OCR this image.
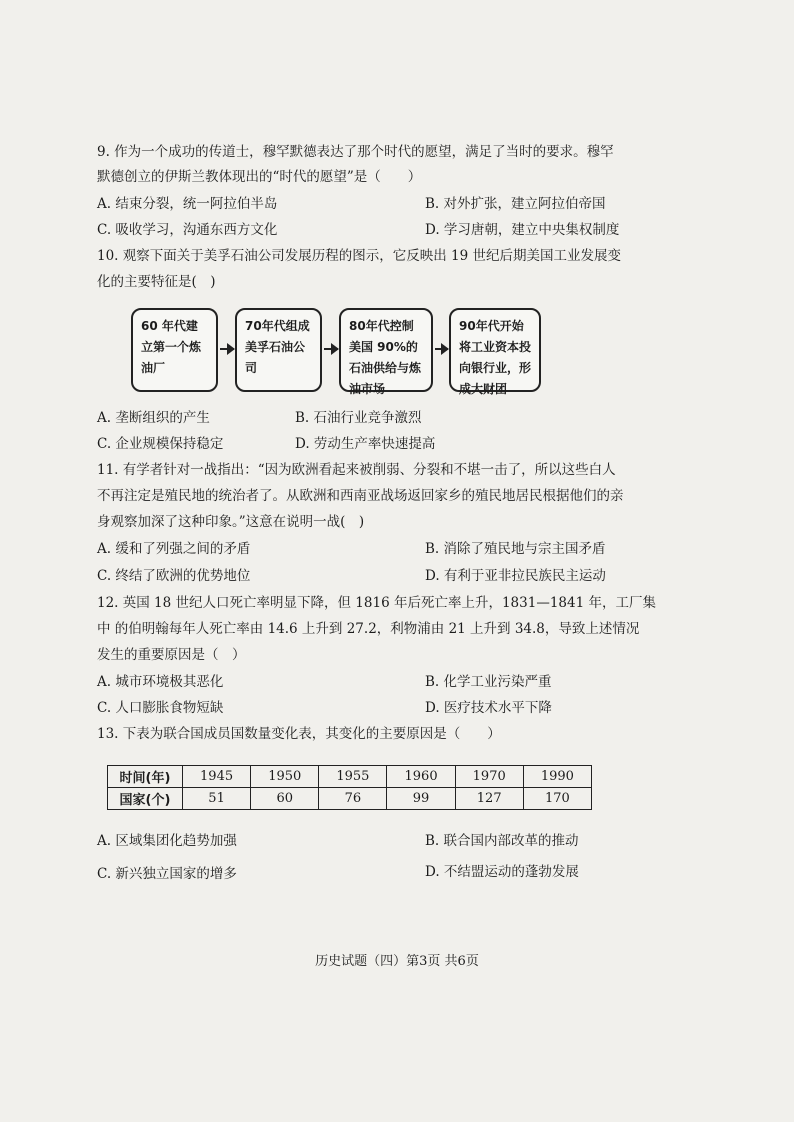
9. 作为一个成功的传道士，穆罕默德表达了那个时代的愿望，满足了当时的要求。穆罕
默德创立的伊斯兰教体现出的“时代的愿望”是（　　）
A. 结束分裂，统一阿拉伯半岛	B. 对外扩张，建立阿拉伯帝国
C. 吸收学习，沟通东西方文化	D. 学习唐朝，建立中央集权制度
10. 观察下面关于美孚石油公司发展历程的图示，它反映出 19 世纪后期美国工业发展变
化的主要特征是(　)
60 年代建立第一个炼油厂
70年代组成美孚石油公司
80年代控制美国 90%的石油供给与炼油市场
90年代开始将工业资本投向银行业，形成大财团
A. 垄断组织的产生	B. 石油行业竞争激烈
C. 企业规模保持稳定	D. 劳动生产率快速提高
11. 有学者针对一战指出：“因为欧洲看起来被削弱、分裂和不堪一击了，所以这些白人
不再注定是殖民地的统治者了。从欧洲和西南亚战场返回家乡的殖民地居民根据他们的亲
身观察加深了这种印象。”这意在说明一战(　)
A. 缓和了列强之间的矛盾	B. 消除了殖民地与宗主国矛盾
C. 终结了欧洲的优势地位	D. 有利于亚非拉民族民主运动
12. 英国 18 世纪人口死亡率明显下降，但 1816 年后死亡率上升，1831—1841 年，工厂集
中 的伯明翰每年人死亡率由 14.6 上升到 27.2，利物浦由 21 上升到 34.8，导致上述情况
发生的重要原因是（　）
A. 城市环境极其恶化	B. 化学工业污染严重
C. 人口膨胀食物短缺	D. 医疗技术水平下降
13. 下表为联合国成员国数量变化表，其变化的主要原因是（　　）
时间(年)	1945	1950	1955	1960	1970	1990
国家(个)	51	60	76	99	127	170
A. 区域集团化趋势加强	B. 联合国内部改革的推动
C. 新兴独立国家的增多	D. 不结盟运动的蓬勃发展
历史试题（四）第3页 共6页
